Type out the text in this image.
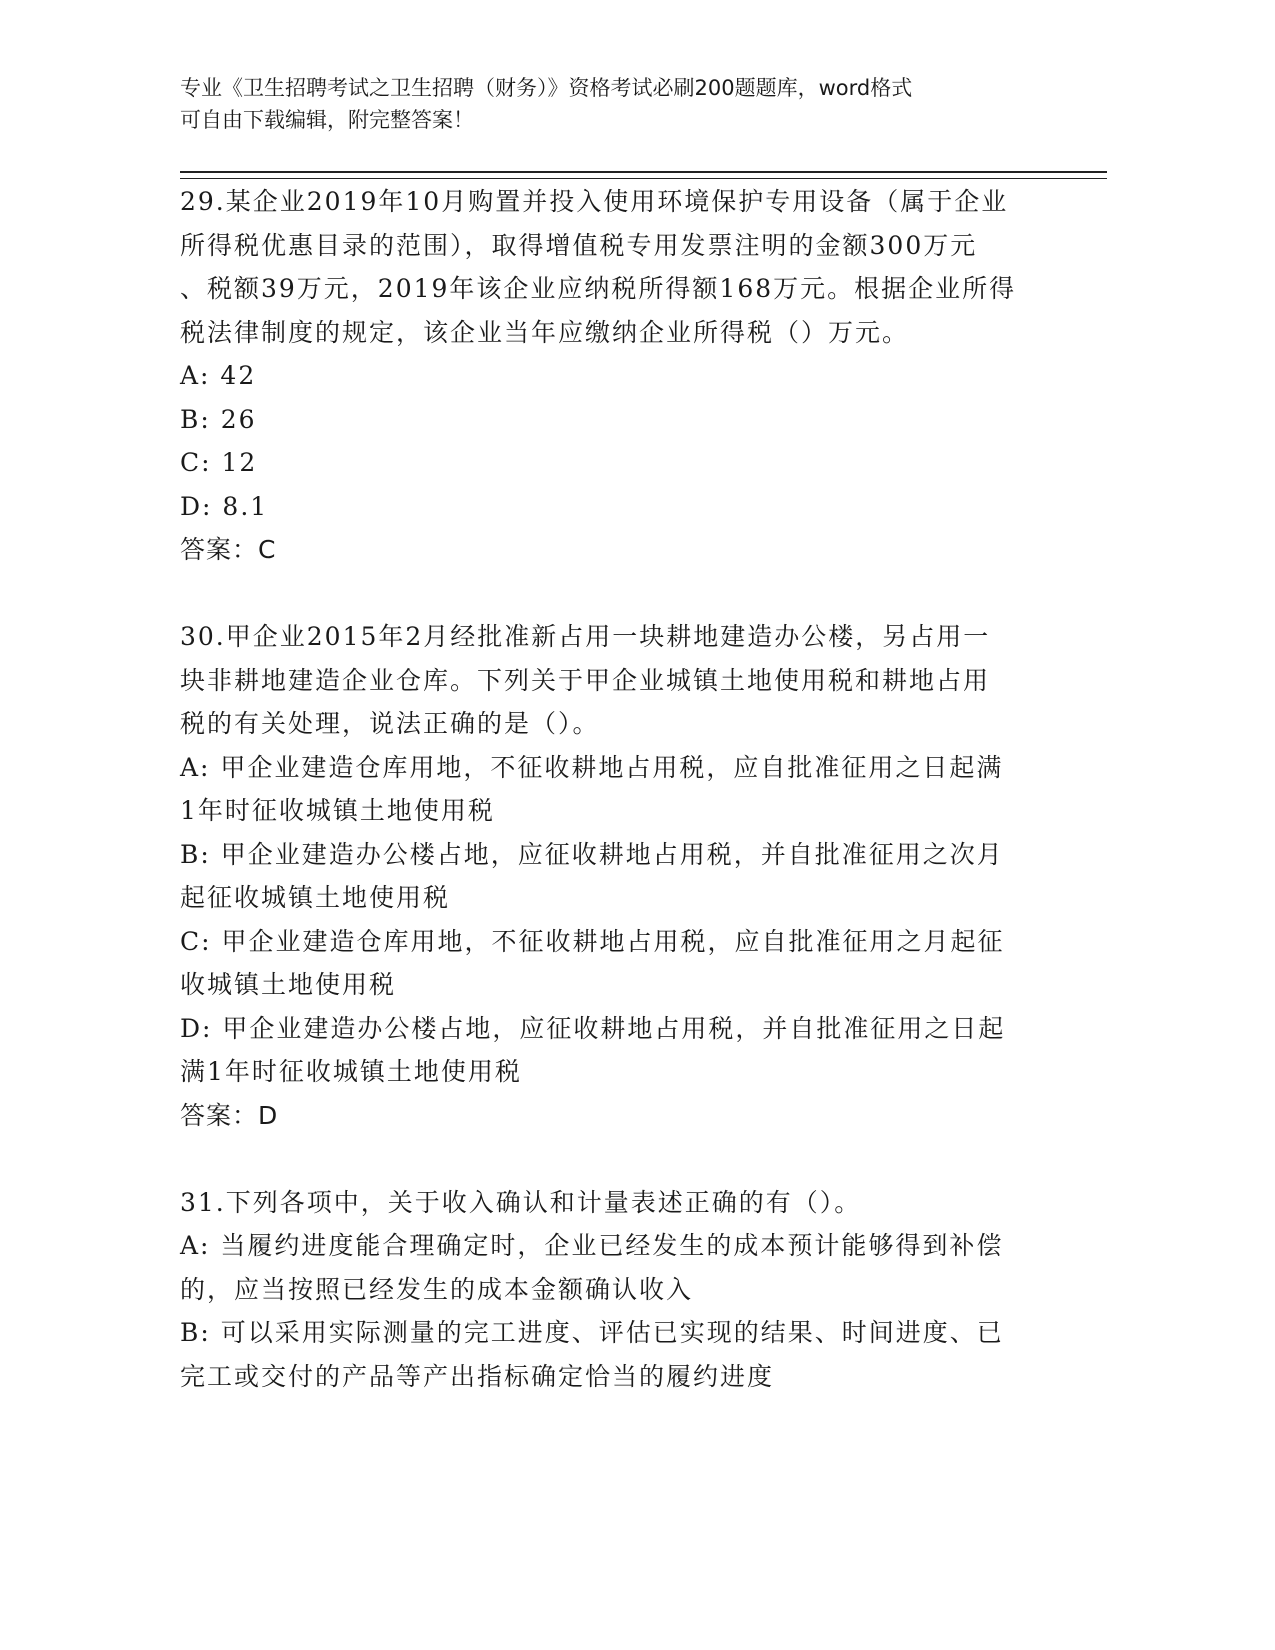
专业《卫生招聘考试之卫生招聘（财务）》资格考试必刷200题题库，word格式
可自由下载编辑，附完整答案！
29.某企业2019年10月购置并投入使用环境保护专用设备（属于企业
所得税优惠目录的范围），取得增值税专用发票注明的金额300万元
、税额39万元，2019年该企业应纳税所得额168万元。根据企业所得
税法律制度的规定，该企业当年应缴纳企业所得税（）万元。
A: 42
B: 26
C: 12
D: 8.1
答案：C
30.甲企业2015年2月经批准新占用一块耕地建造办公楼，另占用一
块非耕地建造企业仓库。下列关于甲企业城镇土地使用税和耕地占用
税的有关处理，说法正确的是（）。
A: 甲企业建造仓库用地，不征收耕地占用税，应自批准征用之日起满
1年时征收城镇土地使用税
B: 甲企业建造办公楼占地，应征收耕地占用税，并自批准征用之次月
起征收城镇土地使用税
C: 甲企业建造仓库用地，不征收耕地占用税，应自批准征用之月起征
收城镇土地使用税
D: 甲企业建造办公楼占地，应征收耕地占用税，并自批准征用之日起
满1年时征收城镇土地使用税
答案：D
31.下列各项中，关于收入确认和计量表述正确的有（）。
A: 当履约进度能合理确定时，企业已经发生的成本预计能够得到补偿
的，应当按照已经发生的成本金额确认收入
B: 可以采用实际测量的完工进度、评估已实现的结果、时间进度、已
完工或交付的产品等产出指标确定恰当的履约进度
